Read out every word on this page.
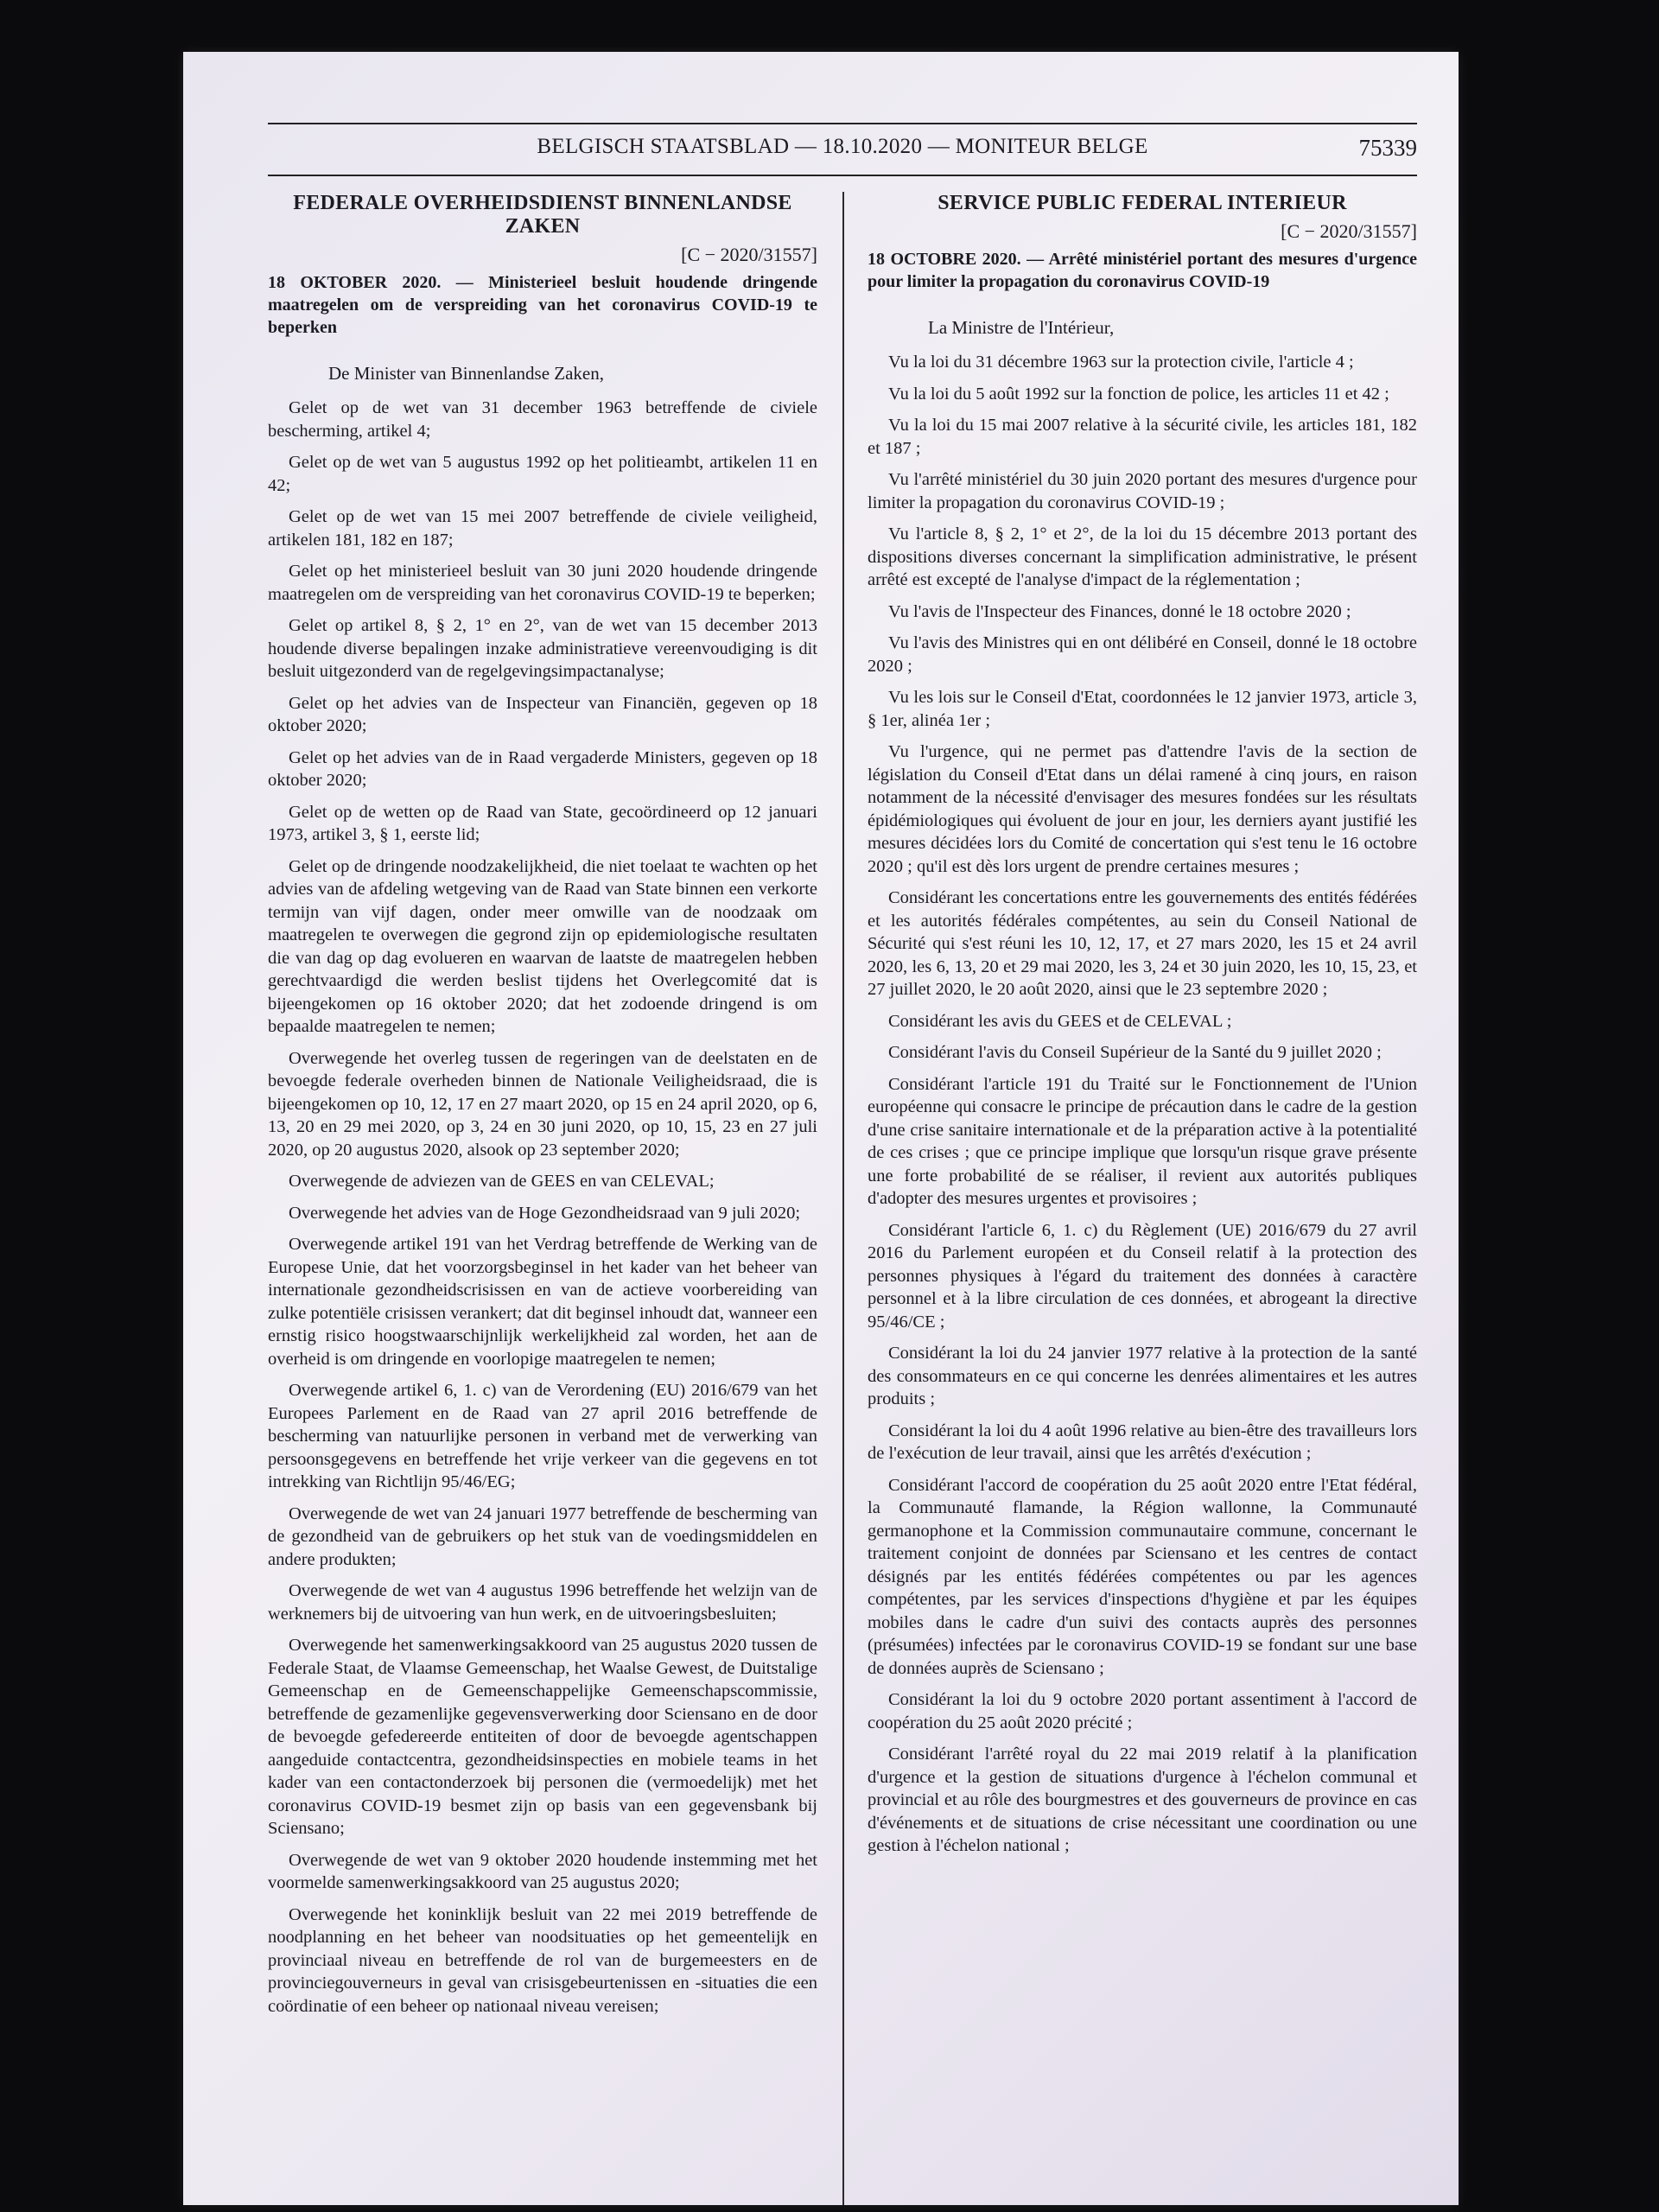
BELGISCH STAATSBLAD — 18.10.2020 — MONITEUR BELGE	75339
FEDERALE OVERHEIDSDIENST BINNENLANDSE ZAKEN
[C − 2020/31557]
18 OKTOBER 2020. — Ministerieel besluit houdende dringende maatregelen om de verspreiding van het coronavirus COVID-19 te beperken
De Minister van Binnenlandse Zaken,

Gelet op de wet van 31 december 1963 betreffende de civiele bescherming, artikel 4;

Gelet op de wet van 5 augustus 1992 op het politieambt, artikelen 11 en 42;

Gelet op de wet van 15 mei 2007 betreffende de civiele veiligheid, artikelen 181, 182 en 187;

Gelet op het ministerieel besluit van 30 juni 2020 houdende dringende maatregelen om de verspreiding van het coronavirus COVID-19 te beperken;

Gelet op artikel 8, § 2, 1° en 2°, van de wet van 15 december 2013 houdende diverse bepalingen inzake administratieve vereenvoudiging is dit besluit uitgezonderd van de regelgevingsimpactanalyse;

Gelet op het advies van de Inspecteur van Financiën, gegeven op 18 oktober 2020;

Gelet op het advies van de in Raad vergaderde Ministers, gegeven op 18 oktober 2020;

Gelet op de wetten op de Raad van State, gecoördineerd op 12 januari 1973, artikel 3, § 1, eerste lid;

Gelet op de dringende noodzakelijkheid, die niet toelaat te wachten op het advies van de afdeling wetgeving van de Raad van State binnen een verkorte termijn van vijf dagen, onder meer omwille van de noodzaak om maatregelen te overwegen die gegrond zijn op epidemiologische resultaten die van dag op dag evolueren en waarvan de laatste de maatregelen hebben gerechtvaardigd die werden beslist tijdens het Overlegcomité dat is bijeengekomen op 16 oktober 2020; dat het zodoende dringend is om bepaalde maatregelen te nemen;

Overwegende het overleg tussen de regeringen van de deelstaten en de bevoegde federale overheden binnen de Nationale Veiligheidsraad, die is bijeengekomen op 10, 12, 17 en 27 maart 2020, op 15 en 24 april 2020, op 6, 13, 20 en 29 mei 2020, op 3, 24 en 30 juni 2020, op 10, 15, 23 en 27 juli 2020, op 20 augustus 2020, alsook op 23 september 2020;

Overwegende de adviezen van de GEES en van CELEVAL;

Overwegende het advies van de Hoge Gezondheidsraad van 9 juli 2020;

Overwegende artikel 191 van het Verdrag betreffende de Werking van de Europese Unie, dat het voorzorgsbeginsel in het kader van het beheer van internationale gezondheidscrisissen en van de actieve voorbereiding van zulke potentiële crisissen verankert; dat dit beginsel inhoudt dat, wanneer een ernstig risico hoogstwaarschijnlijk werkelijkheid zal worden, het aan de overheid is om dringende en voorlopige maatregelen te nemen;

Overwegende artikel 6, 1. c) van de Verordening (EU) 2016/679 van het Europees Parlement en de Raad van 27 april 2016 betreffende de bescherming van natuurlijke personen in verband met de verwerking van persoonsgegevens en betreffende het vrije verkeer van die gegevens en tot intrekking van Richtlijn 95/46/EG;

Overwegende de wet van 24 januari 1977 betreffende de bescherming van de gezondheid van de gebruikers op het stuk van de voedingsmiddelen en andere produkten;

Overwegende de wet van 4 augustus 1996 betreffende het welzijn van de werknemers bij de uitvoering van hun werk, en de uitvoeringsbesluiten;

Overwegende het samenwerkingsakkoord van 25 augustus 2020 tussen de Federale Staat, de Vlaamse Gemeenschap, het Waalse Gewest, de Duitstalige Gemeenschap en de Gemeenschappelijke Gemeenschapscommissie, betreffende de gezamenlijke gegevensverwerking door Sciensano en de door de bevoegde gefedereerde entiteiten of door de bevoegde agentschappen aangeduide contactcentra, gezondheidsinspecties en mobiele teams in het kader van een contactonderzoek bij personen die (vermoedelijk) met het coronavirus COVID-19 besmet zijn op basis van een gegevensbank bij Sciensano;

Overwegende de wet van 9 oktober 2020 houdende instemming met het voormelde samenwerkingsakkoord van 25 augustus 2020;

Overwegende het koninklijk besluit van 22 mei 2019 betreffende de noodplanning en het beheer van noodsituaties op het gemeentelijk en provinciaal niveau en betreffende de rol van de burgemeesters en de provinciegouverneurs in geval van crisisgebeurtenissen en -situaties die een coördinatie of een beheer op nationaal niveau vereisen;

SERVICE PUBLIC FEDERAL INTERIEUR
[C − 2020/31557]
18 OCTOBRE 2020. — Arrêté ministériel portant des mesures d'urgence pour limiter la propagation du coronavirus COVID-19
La Ministre de l'Intérieur,

Vu la loi du 31 décembre 1963 sur la protection civile, l'article 4 ;

Vu la loi du 5 août 1992 sur la fonction de police, les articles 11 et 42 ;

Vu la loi du 15 mai 2007 relative à la sécurité civile, les articles 181, 182 et 187 ;

Vu l'arrêté ministériel du 30 juin 2020 portant des mesures d'urgence pour limiter la propagation du coronavirus COVID-19 ;

Vu l'article 8, § 2, 1° et 2°, de la loi du 15 décembre 2013 portant des dispositions diverses concernant la simplification administrative, le présent arrêté est excepté de l'analyse d'impact de la réglementation ;

Vu l'avis de l'Inspecteur des Finances, donné le 18 octobre 2020 ;

Vu l'avis des Ministres qui en ont délibéré en Conseil, donné le 18 octobre 2020 ;

Vu les lois sur le Conseil d'Etat, coordonnées le 12 janvier 1973, article 3, § 1er, alinéa 1er ;

Vu l'urgence, qui ne permet pas d'attendre l'avis de la section de législation du Conseil d'Etat dans un délai ramené à cinq jours, en raison notamment de la nécessité d'envisager des mesures fondées sur les résultats épidémiologiques qui évoluent de jour en jour, les derniers ayant justifié les mesures décidées lors du Comité de concertation qui s'est tenu le 16 octobre 2020 ; qu'il est dès lors urgent de prendre certaines mesures ;

Considérant les concertations entre les gouvernements des entités fédérées et les autorités fédérales compétentes, au sein du Conseil National de Sécurité qui s'est réuni les 10, 12, 17, et 27 mars 2020, les 15 et 24 avril 2020, les 6, 13, 20 et 29 mai 2020, les 3, 24 et 30 juin 2020, les 10, 15, 23, et 27 juillet 2020, le 20 août 2020, ainsi que le 23 septembre 2020 ;

Considérant les avis du GEES et de CELEVAL ;

Considérant l'avis du Conseil Supérieur de la Santé du 9 juillet 2020 ;

Considérant l'article 191 du Traité sur le Fonctionnement de l'Union européenne qui consacre le principe de précaution dans le cadre de la gestion d'une crise sanitaire internationale et de la préparation active à la potentialité de ces crises ; que ce principe implique que lorsqu'un risque grave présente une forte probabilité de se réaliser, il revient aux autorités publiques d'adopter des mesures urgentes et provisoires ;

Considérant l'article 6, 1. c) du Règlement (UE) 2016/679 du 27 avril 2016 du Parlement européen et du Conseil relatif à la protection des personnes physiques à l'égard du traitement des données à caractère personnel et à la libre circulation de ces données, et abrogeant la directive 95/46/CE ;

Considérant la loi du 24 janvier 1977 relative à la protection de la santé des consommateurs en ce qui concerne les denrées alimentaires et les autres produits ;

Considérant la loi du 4 août 1996 relative au bien-être des travailleurs lors de l'exécution de leur travail, ainsi que les arrêtés d'exécution ;

Considérant l'accord de coopération du 25 août 2020 entre l'Etat fédéral, la Communauté flamande, la Région wallonne, la Communauté germanophone et la Commission communautaire commune, concernant le traitement conjoint de données par Sciensano et les centres de contact désignés par les entités fédérées compétentes ou par les agences compétentes, par les services d'inspections d'hygiène et par les équipes mobiles dans le cadre d'un suivi des contacts auprès des personnes (présumées) infectées par le coronavirus COVID-19 se fondant sur une base de données auprès de Sciensano ;

Considérant la loi du 9 octobre 2020 portant assentiment à l'accord de coopération du 25 août 2020 précité ;

Considérant l'arrêté royal du 22 mai 2019 relatif à la planification d'urgence et la gestion de situations d'urgence à l'échelon communal et provincial et au rôle des bourgmestres et des gouverneurs de province en cas d'événements et de situations de crise nécessitant une coordination ou une gestion à l'échelon national ;
